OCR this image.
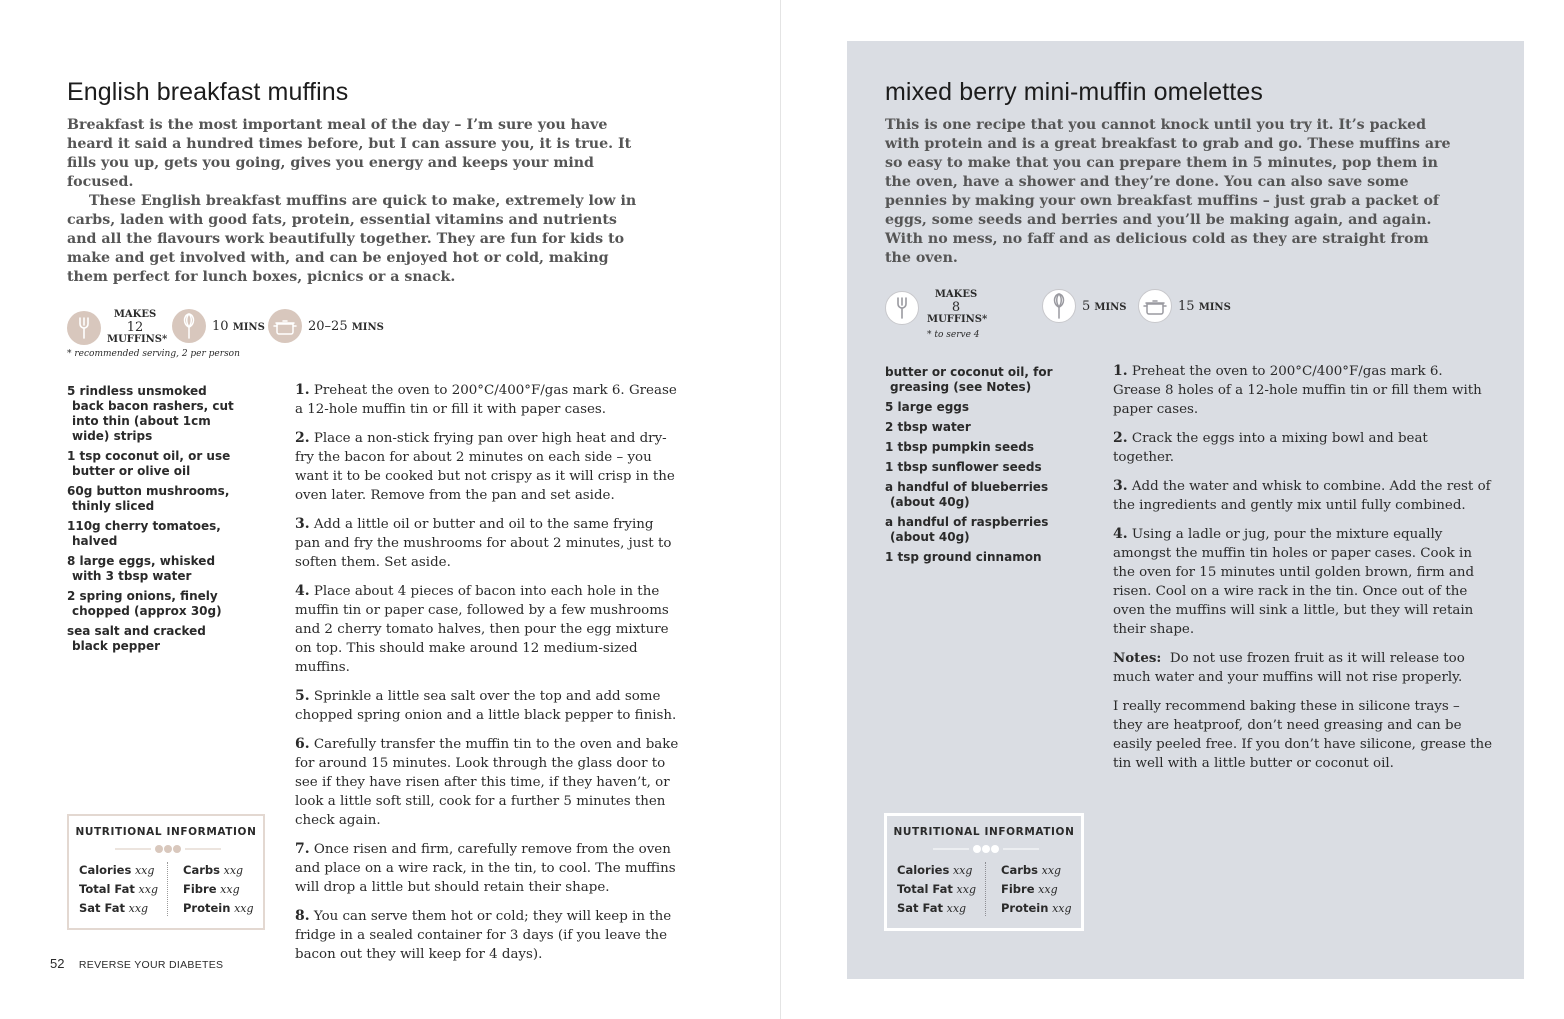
English breakfast muffins

Breakfast is the most important meal of the day – I’m sure you have heard it said a hundred times before, but I can assure you, it is true. It fills you up, gets you going, gives you energy and keeps your mind focused.

These English breakfast muffins are quick to make, extremely low in carbs, laden with good fats, protein, essential vitamins and nutrients and all the flavours work beautifully together. They are fun for kids to make and get involved with, and can be enjoyed hot or cold, making them perfect for lunch boxes, picnics or a snack.

MAKES
12
MUFFINS*
10 MINS	20–25 MINS
* recommended serving, 2 per person
5 rindless unsmoked back bacon rashers, cut into thin (about 1cm wide) strips
1 tsp coconut oil, or use butter or olive oil
60g button mushrooms, thinly sliced
110g cherry tomatoes, halved
8 large eggs, whisked with 3 tbsp water
2 spring onions, finely chopped (approx 30g)
sea salt and cracked black pepper
1. Preheat the oven to 200°C/400°F/gas mark 6. Grease a 12-hole muffin tin or fill it with paper cases.
2. Place a non-stick frying pan over high heat and dry-fry the bacon for about 2 minutes on each side – you want it to be cooked but not crispy as it will crisp in the oven later. Remove from the pan and set aside.
3. Add a little oil or butter and oil to the same frying pan and fry the mushrooms for about 2 minutes, just to soften them. Set aside.
4. Place about 4 pieces of bacon into each hole in the muffin tin or paper case, followed by a few mushrooms and 2 cherry tomato halves, then pour the egg mixture on top. This should make around 12 medium-sized muffins.
5. Sprinkle a little sea salt over the top and add some chopped spring onion and a little black pepper to finish.
6. Carefully transfer the muffin tin to the oven and bake for around 15 minutes. Look through the glass door to see if they have risen after this time, if they haven’t, or look a little soft still, cook for a further 5 minutes then check again.
7. Once risen and firm, carefully remove from the oven and place on a wire rack, in the tin, to cool. The muffins will drop a little but should retain their shape.
8. You can serve them hot or cold; they will keep in the fridge in a sealed container for 3 days (if you leave the bacon out they will keep for 4 days).
NUTRITIONAL INFORMATION
Calories xxg
Total Fat xxg
Sat Fat xxg
Carbs xxg
Fibre xxg
Protein xxg
52 REVERSE YOUR DIABETES
mixed berry mini-muffin omelettes

This is one recipe that you cannot knock until you try it. It’s packed with protein and is a great breakfast to grab and go. These muffins are so easy to make that you can prepare them in 5 minutes, pop them in the oven, have a shower and they’re done. You can also save some pennies by making your own breakfast muffins – just grab a packet of eggs, some seeds and berries and you’ll be making again, and again. With no mess, no faff and as delicious cold as they are straight from the oven.

MAKES
8
MUFFINS*
5 MINS	15 MINS
* to serve 4
butter or coconut oil, for greasing (see Notes)
5 large eggs
2 tbsp water
1 tbsp pumpkin seeds
1 tbsp sunflower seeds
a handful of blueberries (about 40g)
a handful of raspberries (about 40g)
1 tsp ground cinnamon
1. Preheat the oven to 200°C/400°F/gas mark 6. Grease 8 holes of a 12-hole muffin tin or fill them with paper cases.
2. Crack the eggs into a mixing bowl and beat together.
3. Add the water and whisk to combine. Add the rest of the ingredients and gently mix until fully combined.
4. Using a ladle or jug, pour the mixture equally amongst the muffin tin holes or paper cases. Cook in the oven for 15 minutes until golden brown, firm and risen. Cool on a wire rack in the tin. Once out of the oven the muffins will sink a little, but they will retain their shape.
Notes: Do not use frozen fruit as it will release too much water and your muffins will not rise properly.
I really recommend baking these in silicone trays – they are heatproof, don’t need greasing and can be easily peeled free. If you don’t have silicone, grease the tin well with a little butter or coconut oil.
NUTRITIONAL INFORMATION
Calories xxg
Total Fat xxg
Sat Fat xxg
Carbs xxg
Fibre xxg
Protein xxg
